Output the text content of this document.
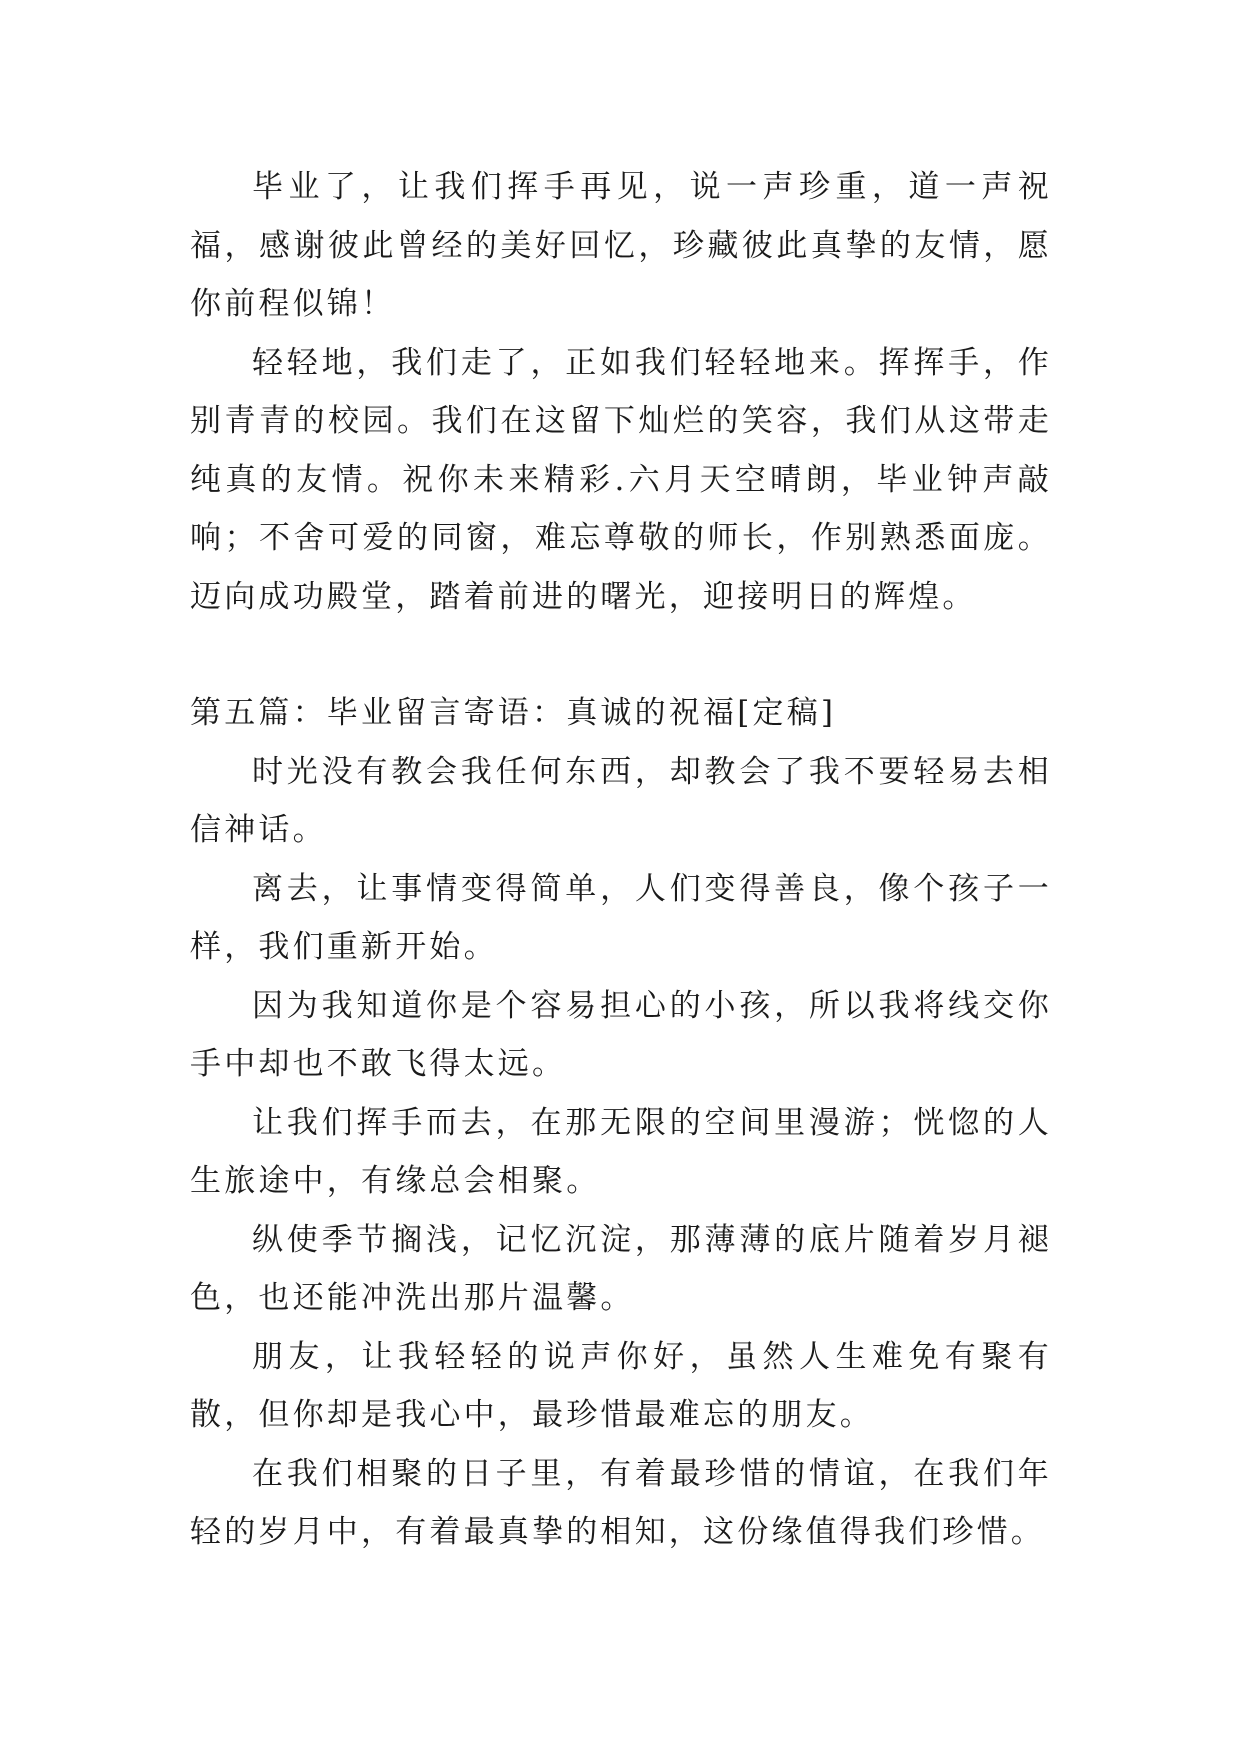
毕业了，让我们挥手再见，说一声珍重，道一声祝福，感谢彼此曾经的美好回忆，珍藏彼此真挚的友情，愿你前程似锦！

轻轻地，我们走了，正如我们轻轻地来。挥挥手，作别青青的校园。我们在这留下灿烂的笑容，我们从这带走纯真的友情。祝你未来精彩.六月天空晴朗，毕业钟声敲响；不舍可爱的同窗，难忘尊敬的师长，作别熟悉面庞。迈向成功殿堂，踏着前进的曙光，迎接明日的辉煌。

第五篇：毕业留言寄语：真诚的祝福[定稿]

时光没有教会我任何东西，却教会了我不要轻易去相信神话。

离去，让事情变得简单，人们变得善良，像个孩子一样，我们重新开始。

因为我知道你是个容易担心的小孩，所以我将线交你手中却也不敢飞得太远。

让我们挥手而去，在那无限的空间里漫游；恍惚的人生旅途中，有缘总会相聚。

纵使季节搁浅，记忆沉淀，那薄薄的底片随着岁月褪色，也还能冲洗出那片温馨。

朋友，让我轻轻的说声你好，虽然人生难免有聚有散，但你却是我心中，最珍惜最难忘的朋友。

在我们相聚的日子里，有着最珍惜的情谊，在我们年轻的岁月中，有着最真挚的相知，这份缘值得我们珍惜。
